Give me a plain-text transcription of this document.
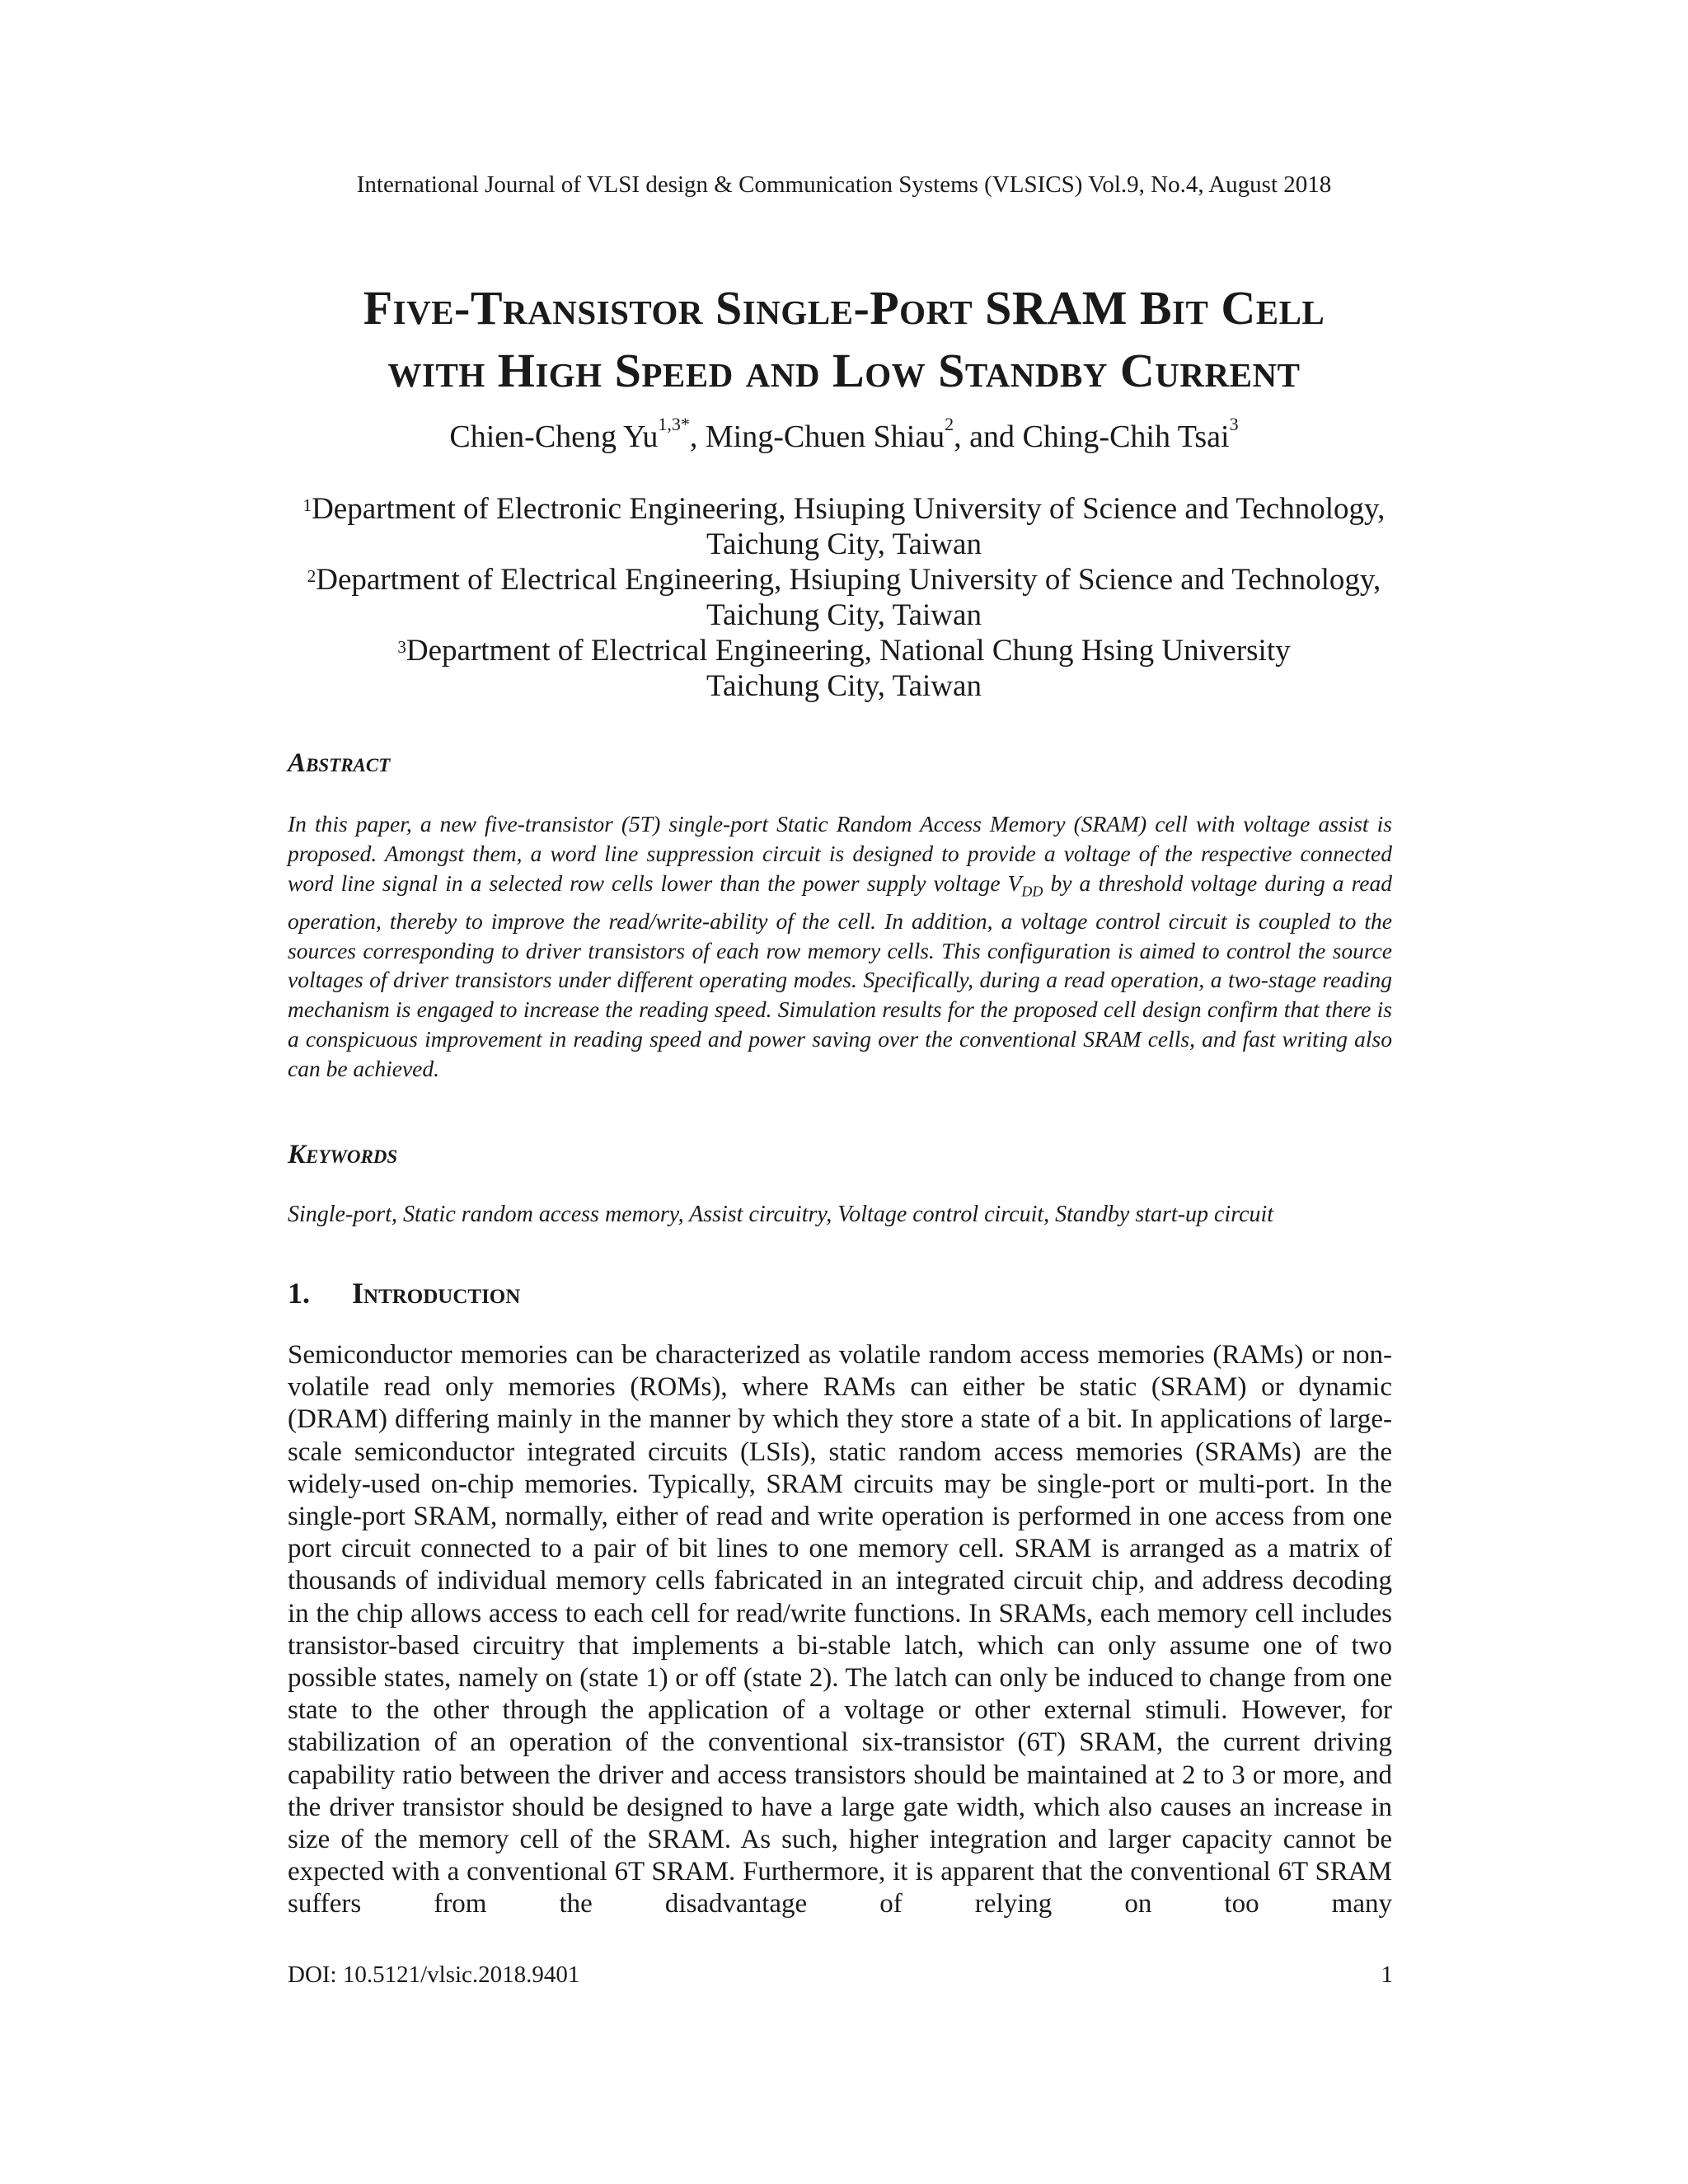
International Journal of VLSI design & Communication Systems (VLSICS) Vol.9, No.4, August 2018
Five-Transistor Single-Port SRAM Bit Cell
with High Speed and Low Standby Current
Chien-Cheng $Yu^{1,3*}$, Ming-Chuen Shiau$^2$, and Ching-Chih Tsai$^3$
$^1$Department of Electronic Engineering, Hsiuping University of Science and Technology,
Taichung City, Taiwan
$^2$Department of Electrical Engineering, Hsiuping University of Science and Technology,
Taichung City, Taiwan
$^3$Department of Electrical Engineering, National Chung Hsing University
Taichung City, Taiwan
Abstract

In this paper, a new five-transistor (5T) single-port Static Random Access Memory (SRAM) cell with voltage assist is proposed. Amongst them, a word line suppression circuit is designed to provide a voltage of the respective connected word line signal in a selected row cells lower than the power supply voltage $V_{DD}$ by a threshold voltage during a read operation, thereby to improve the read/write-ability of the cell. In addition, a voltage control circuit is coupled to the sources corresponding to driver transistors of each row memory cells. This configuration is aimed to control the source voltages of driver transistors under different operating modes. Specifically, during a read operation, a two-stage reading mechanism is engaged to increase the reading speed. Simulation results for the proposed cell design confirm that there is a conspicuous improvement in reading speed and power saving over the conventional SRAM cells, and fast writing also can be achieved.

Keywords
Single-port, Static random access memory, Assist circuitry, Voltage control circuit, Standby start-up circuit
1. Introduction

Semiconductor memories can be characterized as volatile random access memories (RAMs) or non-volatile read only memories (ROMs), where RAMs can either be static (SRAM) or dynamic (DRAM) differing mainly in the manner by which they store a state of a bit. In applications of large-scale semiconductor integrated circuits (LSIs), static random access memories (SRAMs) are the widely-used on-chip memories. Typically, SRAM circuits may be single-port or multi-port. In the single-port SRAM, normally, either of read and write operation is performed in one access from one port circuit connected to a pair of bit lines to one memory cell. SRAM is arranged as a matrix of thousands of individual memory cells fabricated in an integrated circuit chip, and address decoding in the chip allows access to each cell for read/write functions. In SRAMs, each memory cell includes transistor-based circuitry that implements a bi-stable latch, which can only assume one of two possible states, namely on (state 1) or off (state 2). The latch can only be induced to change from one state to the other through the application of a voltage or other external stimuli. However, for stabilization of an operation of the conventional six-transistor (6T) SRAM, the current driving capability ratio between the driver and access transistors should be maintained at 2 to 3 or more, and the driver transistor should be designed to have a large gate width, which also causes an increase in size of the memory cell of the SRAM. As such, higher integration and larger capacity cannot be expected with a conventional 6T SRAM. Furthermore, it is apparent that the conventional 6T SRAM suffers from the disadvantage of relying on too many

DOI: 10.5121/vlsic.2018.9401	1
